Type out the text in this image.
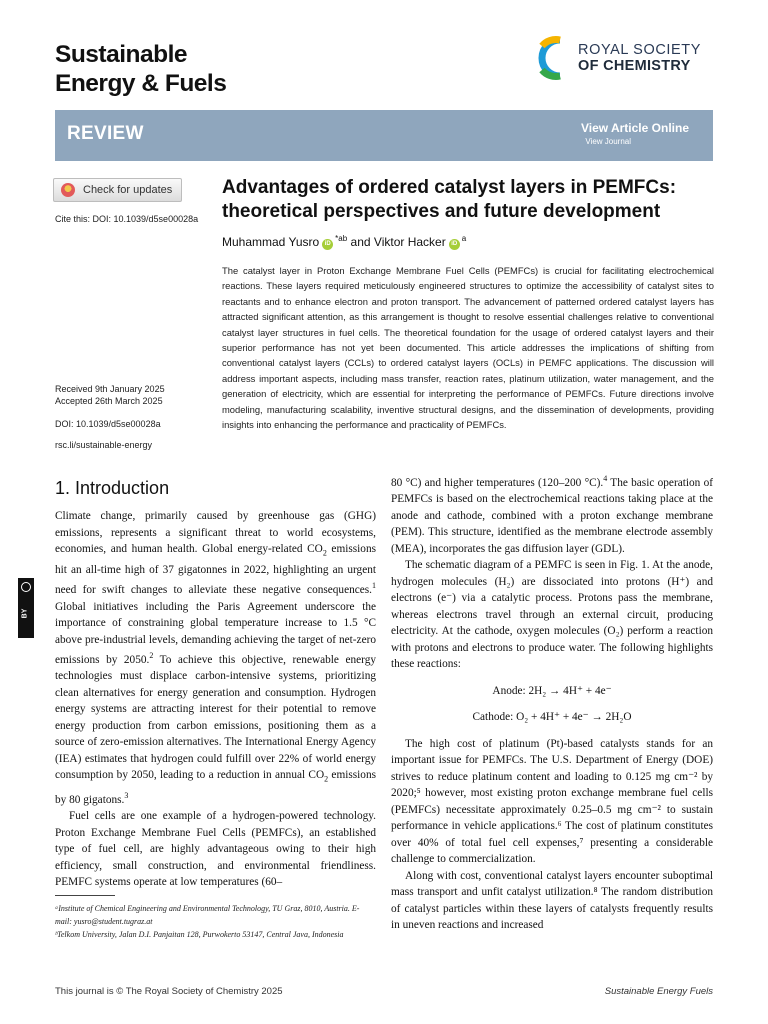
Sustainable
Energy & Fuels
ROYAL SOCIETY
OF CHEMISTRY
REVIEW	View Article Online
View Journal
Check for updates
Cite this: DOI: 10.1039/d5se00028a
Advantages of ordered catalyst layers in PEMFCs: theoretical perspectives and future development
Muhammad Yusro iD$^{*ab}$ and Viktor Hacker iD$^a$
The catalyst layer in Proton Exchange Membrane Fuel Cells (PEMFCs) is crucial for facilitating electrochemical reactions. These layers required meticulously engineered structures to optimize the accessibility of catalyst sites to reactants and to enhance electron and proton transport. The advancement of patterned ordered catalyst layers has attracted significant attention, as this arrangement is thought to resolve essential challenges relative to conventional catalyst layer structures in fuel cells. The theoretical foundation for the usage of ordered catalyst layers and their superior performance has not yet been documented. This article addresses the implications of shifting from conventional catalyst layers (CCLs) to ordered catalyst layers (OCLs) in PEMFC applications. The discussion will address important aspects, including mass transfer, reaction rates, platinum utilization, water management, and the generation of electricity, which are essential for interpreting the performance of PEMFCs. Future directions involve modeling, manufacturing scalability, inventive structural designs, and the dissemination of developments, providing insights into enhancing the performance and practicality of PEMFCs.
Received 9th January 2025
Accepted 26th March 2025
DOI: 10.1039/d5se00028a
rsc.li/sustainable-energy
1. Introduction
BY

Climate change, primarily caused by greenhouse gas (GHG) emissions, represents a significant threat to world ecosystems, economies, and human health. Global energy-related $CO_2$ emissions hit an all-time high of 37 gigatonnes in 2022, highlighting an urgent need for swift changes to alleviate these negative consequences.$^1$ Global initiatives including the Paris Agreement underscore the importance of constraining global temperature increase to 1.5 °C above pre-industrial levels, demanding achieving the target of net-zero emissions by 2050.$^2$ To achieve this objective, renewable energy technologies must displace carbon-intensive systems, prioritizing clean alternatives for energy generation and consumption. Hydrogen energy systems are attracting interest for their potential to remove energy production from carbon emissions, positioning them as a source of zero-emission alternatives. The International Energy Agency (IEA) estimates that hydrogen could fulfill over 22% of world energy consumption by 2050, leading to a reduction in annual $CO_2$ emissions by 80 gigatons.$^3$

Fuel cells are one example of a hydrogen-powered technology. Proton Exchange Membrane Fuel Cells (PEMFCs), an established type of fuel cell, are highly advantageous owing to their high efficiency, small construction, and environmental friendliness. PEMFC systems operate at low temperatures (60–

ᵃInstitute of Chemical Engineering and Environmental Technology, TU Graz, 8010, Austria. E-mail: yusro@student.tugraz.at
ᵇTelkom University, Jalan D.I. Panjaitan 128, Purwokerto 53147, Central Java, Indonesia

80 °C) and higher temperatures (120–200 °C).$^4$ The basic operation of PEMFCs is based on the electrochemical reactions taking place at the anode and cathode, combined with a proton exchange membrane (PEM). This structure, identified as the membrane electrode assembly (MEA), incorporates the gas diffusion layer (GDL).

The schematic diagram of a PEMFC is seen in Fig. 1. At the anode, hydrogen molecules (H₂) are dissociated into protons (H⁺) and electrons (e⁻) via a catalytic process. Protons pass the membrane, whereas electrons travel through an external circuit, producing electricity. At the cathode, oxygen molecules (O₂) perform a reaction with protons and electrons to produce water. The following highlights these reactions:

Anode: 2H₂ → 4H⁺ + 4e⁻
Cathode: O₂ + 4H⁺ + 4e⁻ → 2H₂O

The high cost of platinum (Pt)-based catalysts stands for an important issue for PEMFCs. The U.S. Department of Energy (DOE) strives to reduce platinum content and loading to 0.125 mg cm⁻² by 2020;⁵ however, most existing proton exchange membrane fuel cells (PEMFCs) necessitate approximately 0.25–0.5 mg cm⁻² to sustain performance in vehicle applications.⁶ The cost of platinum constitutes over 40% of total fuel cell expenses,⁷ presenting a considerable challenge to commercialization.

Along with cost, conventional catalyst layers encounter suboptimal mass transport and unfit catalyst utilization.⁸ The random distribution of catalyst particles within these layers of catalysts frequently results in uneven reactions and increased

This journal is © The Royal Society of Chemistry 2025	Sustainable Energy Fuels
